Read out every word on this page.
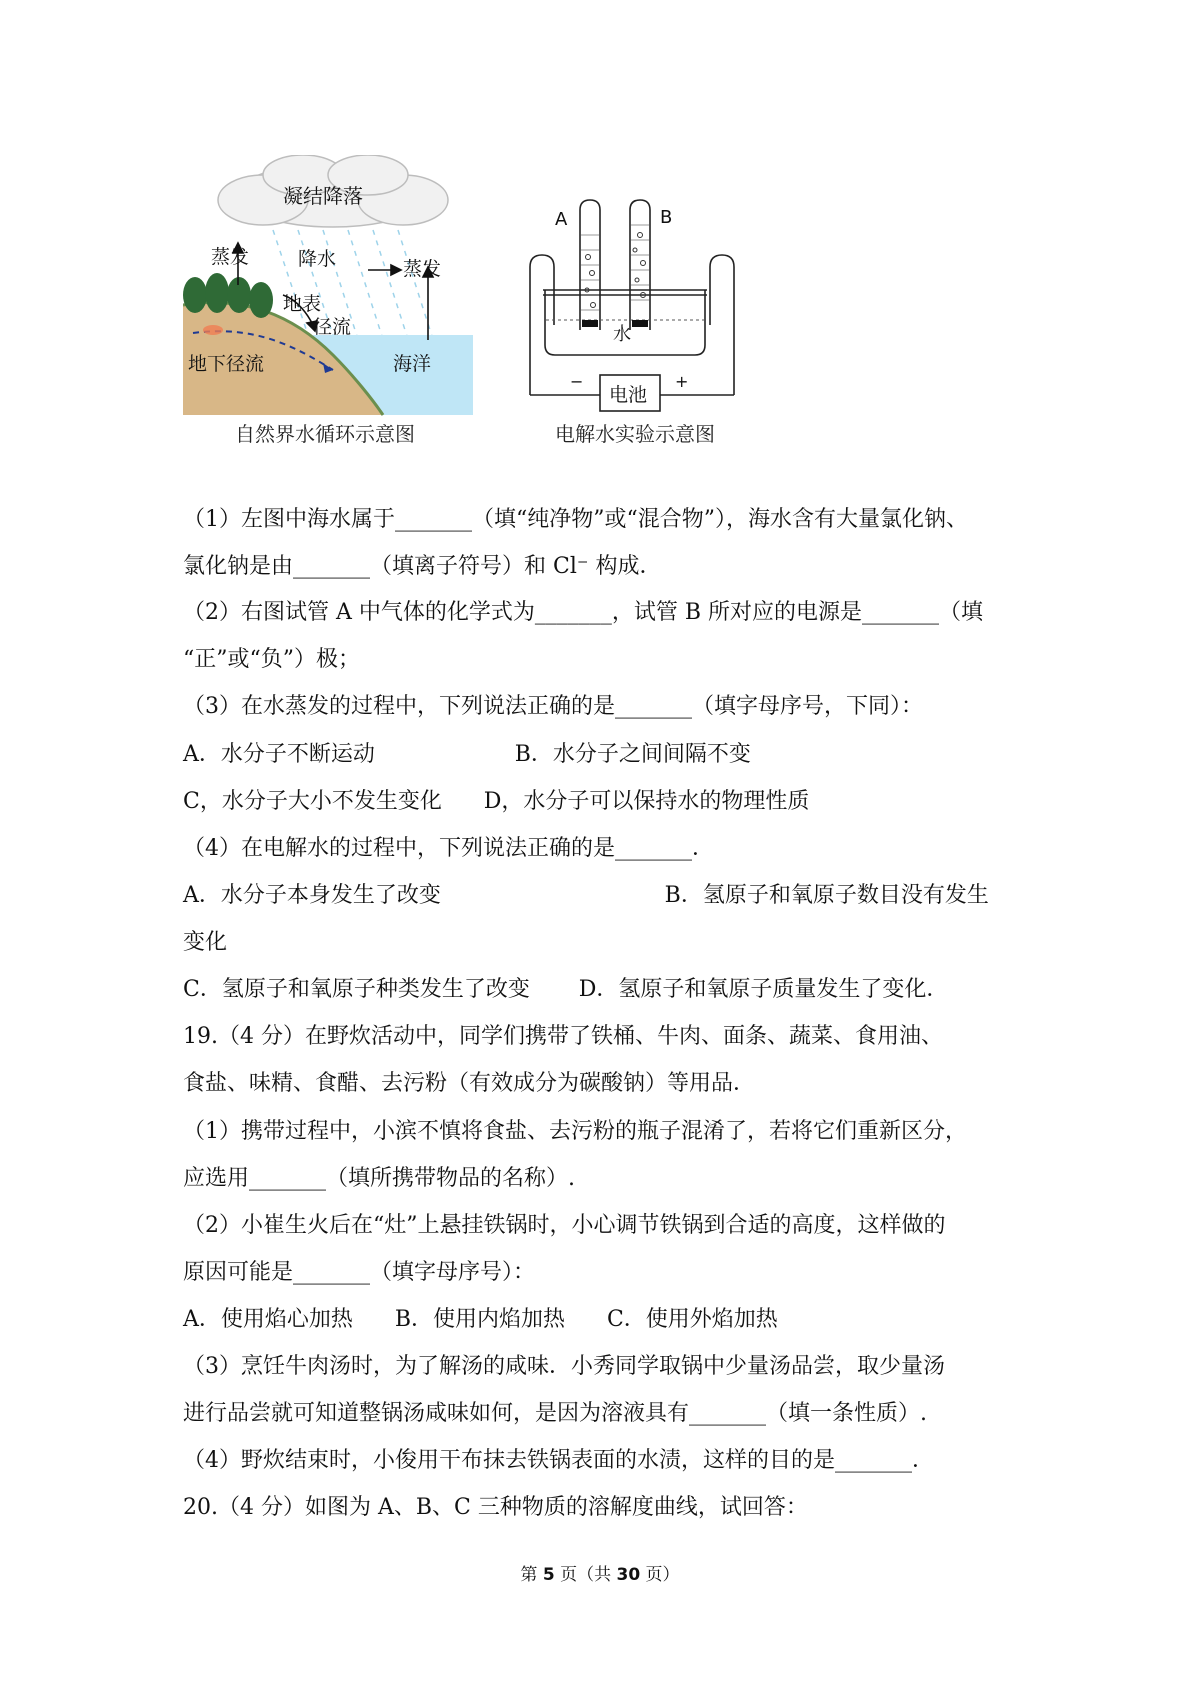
凝结降落
蒸发	降水	蒸发
地表
径流
地下径流	海洋
自然界水循环示意图
电池
−	+
A	B
水
电解水实验示意图
（1）左图中海水属于_______（填“纯净物”或“混合物”），海水含有大量氯化钠、
氯化钠是由_______（填离子符号）和 Cl⁻ 构成．
（2）右图试管 A 中气体的化学式为_______，试管 B 所对应的电源是_______（填
“正”或“负”）极；
（3）在水蒸发的过程中，下列说法正确的是_______（填字母序号，下同）：
A．水分子不断运动                    B．水分子之间间隔不变
C，水分子大小不发生变化      D，水分子可以保持水的物理性质
（4）在电解水的过程中，下列说法正确的是_______．
A．水分子本身发生了改变                                B．氢原子和氧原子数目没有发生
变化
C．氢原子和氧原子种类发生了改变       D．氢原子和氧原子质量发生了变化．
19.（4 分）在野炊活动中，同学们携带了铁桶、牛肉、面条、蔬菜、食用油、
食盐、味精、食醋、去污粉（有效成分为碳酸钠）等用品．
（1）携带过程中，小滨不慎将食盐、去污粉的瓶子混淆了，若将它们重新区分，
应选用_______（填所携带物品的名称）.
（2）小崔生火后在“灶”上悬挂铁锅时，小心调节铁锅到合适的高度，这样做的
原因可能是_______（填字母序号）：
A．使用焰心加热      B．使用内焰加热      C．使用外焰加热
（3）烹饪牛肉汤时，为了解汤的咸味．小秀同学取锅中少量汤品尝，取少量汤
进行品尝就可知道整锅汤咸味如何，是因为溶液具有_______（填一条性质）.
（4）野炊结束时，小俊用干布抹去铁锅表面的水渍，这样的目的是_______．
20.（4 分）如图为 A、B、C 三种物质的溶解度曲线，试回答：
第 5 页（共 30 页）
